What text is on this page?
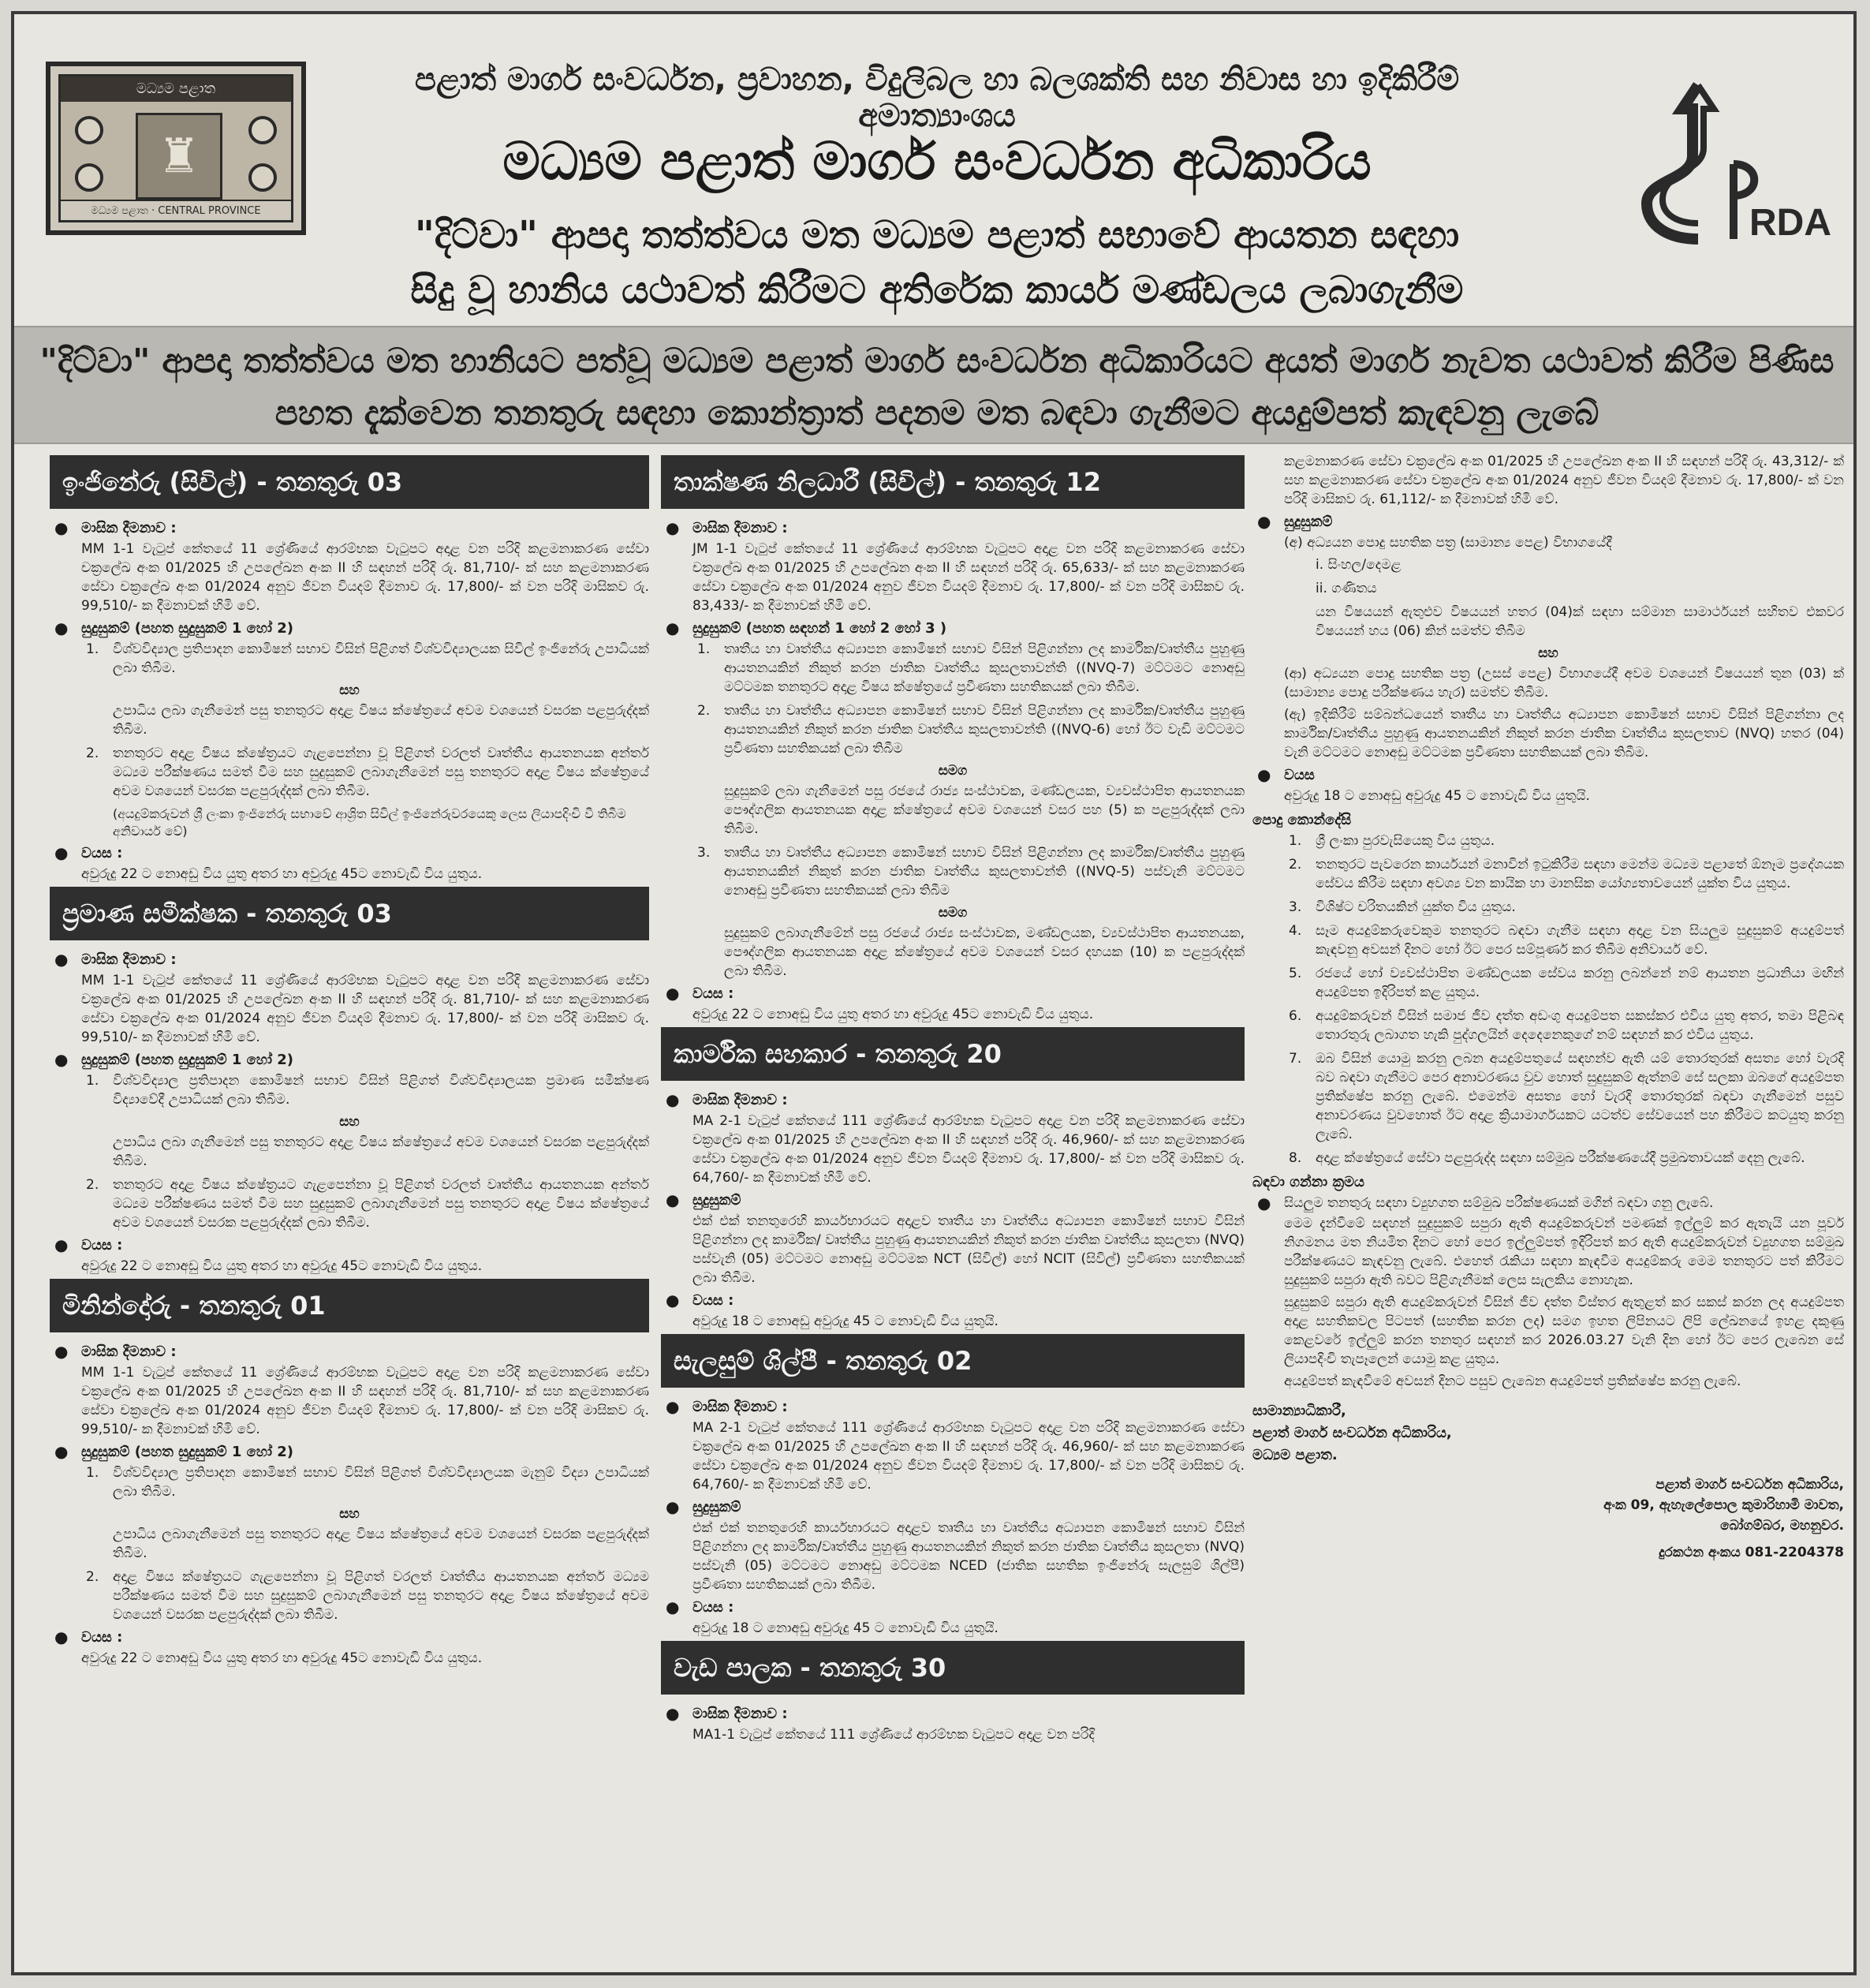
මධ්‍යම පළාත
♜
මධ්‍යම පළාත · CENTRAL PROVINCE	RDA
පළාත් මාර්ග සංවර්ධන, ප්‍රවාහන, විදුලිබල හා බලශක්ති සහ නිවාස හා ඉදිකිරීම් අමාත්‍යාංශය
මධ්‍යම පළාත් මාර්ග සංවර්ධන අධිකාරිය
"දිට්වා" ආපදා තත්ත්වය මත මධ්‍යම පළාත් සභාවේ ආයතන සඳහා
සිදු වූ හානිය යථාවත් කිරීමට අතිරේක කාර්ය මණ්ඩලය ලබාගැනීම
"දිට්වා" ආපදා තත්ත්වය මත හානියට පත්වූ මධ්‍යම පළාත් මාර්ග සංවර්ධන අධිකාරියට අයත් මාර්ග නැවත යථාවත් කිරීම පිණිස
පහත දැක්වෙන තනතුරු සඳහා කොන්ත්‍රාත් පදනම මත බඳවා ගැනීමට අයදුම්පත් කැඳවනු ලැබේ
ඉංජිනේරු (සිවිල්) - තනතුරු 03
● මාසික දීමනාව :
MM 1-1 වැටුප් කේතයේ 11 ශ්‍රේණියේ ආරම්භක වැටුපට අදාළ වන පරිදි කළමනාකරණ සේවා චක්‍රලේඛ අංක 01/2025 හි උපලේඛන අංක II හි සඳහන් පරිදි රු. 81,710/- ක් සහ කළමනාකරණ සේවා චක්‍රලේඛ අංක 01/2024 අනුව ජීවන වියදම් දීමනාව රු. 17,800/- ක් වන පරිදි මාසිකව රු. 99,510/- ක දීමනාවක් හිමි වේ.
● සුදුසුකම් (පහත සුදුසුකම් 1 හෝ 2)
1. විශ්වවිද්‍යාල ප්‍රතිපාදන කොමිෂන් සභාව විසින් පිළිගත් විශ්වවිද්‍යාලයක සිවිල් ඉංජිනේරු උපාධියක් ලබා තිබීම.
සහ
උපාධිය ලබා ගැනීමෙන් පසු තනතුරට අදාළ විෂය ක්ෂේත්‍රයේ අවම වශයෙන් වසරක පළපුරුද්දක් තිබීම.
2. තනතුරට අදාළ විෂය ක්ෂේත්‍රයට ගැළපෙන්නා වූ පිළිගත් වරලත් වෘත්තීය ආයතනයක අන්තර් මධ්‍යම පරීක්ෂණය සමත් වීම සහ සුදුසුකම් ලබාගැනීමෙන් පසු තනතුරට අදාළ විෂය ක්ෂේත්‍රයේ අවම වශයෙන් වසරක පළපුරුද්දක් ලබා තිබීම.
(අයදුම්කරුවන් ශ්‍රී ලංකා ඉංජිනේරු සභාවේ ආශ්‍රිත සිවිල් ඉංජිනේරුවරයෙකු ලෙස ලියාපදිංචි වී තිබීම අනිවාර්ය වේ)
● වයස :
අවුරුදු 22 ට නොඅඩු විය යුතු අතර හා අවුරුදු 45ට නොවැඩි විය යුතුය.
ප්‍රමාණ සමීක්ෂක - තනතුරු 03
● මාසික දීමනාව :
MM 1-1 වැටුප් කේතයේ 11 ශ්‍රේණියේ ආරම්භක වැටුපට අදාළ වන පරිදි කළමනාකරණ සේවා චක්‍රලේඛ අංක 01/2025 හි උපලේඛන අංක II හි සඳහන් පරිදි රු. 81,710/- ක් සහ කළමනාකරණ සේවා චක්‍රලේඛ අංක 01/2024 අනුව ජීවන වියදම් දීමනාව රු. 17,800/- ක් වන පරිදි මාසිකව රු. 99,510/- ක දීමනාවක් හිමි වේ.
● සුදුසුකම් (පහත සුදුසුකම් 1 හෝ 2)
1. විශ්වවිද්‍යාල ප්‍රතිපාදන කොමිෂන් සභාව විසින් පිළිගත් විශ්වවිද්‍යාලයක ප්‍රමාණ සමීක්ෂණ විද්‍යාවේදී උපාධියක් ලබා තිබීම.
සහ
උපාධිය ලබා ගැනීමෙන් පසු තනතුරට අදාළ විෂය ක්ෂේත්‍රයේ අවම වශයෙන් වසරක පළපුරුද්දක් තිබීම.
2. තනතුරට අදාළ විෂය ක්ෂේත්‍රයට ගැළපෙන්නා වූ පිළිගත් වරලත් වෘත්තීය ආයතනයක අන්තර් මධ්‍යම පරීක්ෂණය සමත් වීම සහ සුදුසුකම් ලබාගැනීමෙන් පසු තනතුරට අදාළ විෂය ක්ෂේත්‍රයේ අවම වශයෙන් වසරක පළපුරුද්දක් ලබා තිබීම.
● වයස :
අවුරුදු 22 ට නොඅඩු විය යුතු අතර හා අවුරුදු 45ට නොවැඩි විය යුතුය.
මිනින්දෝරු - තනතුරු 01
● මාසික දීමනාව :
MM 1-1 වැටුප් කේතයේ 11 ශ්‍රේණියේ ආරම්භක වැටුපට අදාළ වන පරිදි කළමනාකරණ සේවා චක්‍රලේඛ අංක 01/2025 හි උපලේඛන අංක II හි සඳහන් පරිදි රු. 81,710/- ක් සහ කළමනාකරණ සේවා චක්‍රලේඛ අංක 01/2024 අනුව ජීවන වියදම් දීමනාව රු. 17,800/- ක් වන පරිදි මාසිකව රු. 99,510/- ක දීමනාවක් හිමි වේ.
● සුදුසුකම් (පහත සුදුසුකම් 1 හෝ 2)
1. විශ්වවිද්‍යාල ප්‍රතිපාදන කොමිෂන් සභාව විසින් පිළිගත් විශ්වවිද්‍යාලයක මැනුම් විද්‍යා උපාධියක් ලබා තිබීම.
සහ
උපාධිය ලබාගැනීමෙන් පසු තනතුරට අදාළ විෂය ක්ෂේත්‍රයේ අවම වශයෙන් වසරක පළපුරුද්දක් තිබීම.
2. අදාළ විෂය ක්ෂේත්‍රයට ගැළපෙන්නා වූ පිළිගත් වරලත් වෘත්තීය ආයතනයක අන්තර් මධ්‍යම පරීක්ෂණය සමත් වීම සහ සුදුසුකම් ලබාගැනීමෙන් පසු තනතුරට අදාළ විෂය ක්ෂේත්‍රයේ අවම වශයෙන් වසරක පළපුරුද්දක් ලබා තිබීම.
● වයස :
අවුරුදු 22 ට නොඅඩු විය යුතු අතර හා අවුරුදු 45ට නොවැඩි විය යුතුය.
තාක්ෂණ නිලධාරී (සිවිල්) - තනතුරු 12
● මාසික දීමනාව :
JM 1-1 වැටුප් කේතයේ 11 ශ්‍රේණියේ ආරම්භක වැටුපට අදාළ වන පරිදි කළමනාකරණ සේවා චක්‍රලේඛ අංක 01/2025 හි උපලේඛන අංක II හි සඳහන් පරිදි රු. 65,633/- ක් සහ කළමනාකරණ සේවා චක්‍රලේඛ අංක 01/2024 අනුව ජීවන වියදම් දීමනාව රු. 17,800/- ක් වන පරිදි මාසිකව රු. 83,433/- ක දීමනාවක් හිමි වේ.
● සුදුසුකම් (පහත සඳහන් 1 හෝ 2 හෝ 3 )
1. තෘතීය හා වෘත්තීය අධ්‍යාපන කොමිෂන් සභාව විසින් පිළිගන්නා ලද කාර්මික/වෘත්තීය පුහුණු ආයතනයකින් නිකුත් කරන ජාතික වෘත්තීය කුසලතාවන්ති ((NVQ-7) මට්ටමට නොඅඩු මට්ටමක තනතුරට අදාළ විෂය ක්ෂේත්‍රයේ ප්‍රවීණතා සහතිකයක් ලබා තිබීම.
2. තෘතීය හා වෘත්තීය අධ්‍යාපන කොමිෂන් සභාව විසින් පිළිගන්නා ලද කාර්මික/වෘත්තීය පුහුණු ආයතනයකින් නිකුත් කරන ජාතික වෘත්තීය කුසලතාවන්ති ((NVQ-6) හෝ ඊට වැඩි මට්ටමට ප්‍රවීණතා සහතිකයක් ලබා තිබීම
සමග
සුදුසුකම් ලබා ගැනීමෙන් පසු රජයේ රාජ්‍ය සංස්ථාවක, මණ්ඩලයක, ව්‍යවස්ථාපිත ආයතනයක පෞද්ගලික ආයතනයක අදාළ ක්ෂේත්‍රයේ අවම වශයෙන් වසර පහ (5) ක පළපුරුද්දක් ලබා තිබීම.
3. තෘතීය හා වෘත්තීය අධ්‍යාපන කොමිෂන් සභාව විසින් පිළිගන්නා ලද කාර්මික/වෘත්තීය පුහුණු ආයතනයකින් නිකුත් කරන ජාතික වෘත්තීය කුසලතාවන්ති ((NVQ-5) පස්වැනි මට්ටමට නොඅඩු ප්‍රවීණතා සහතිකයක් ලබා තිබීම
සමග
සුදුසුකම් ලබාගැනීමේන් පසු රජයේ රාජ්‍ය සංස්ථාවක, මණ්ඩලයක, ව්‍යවස්ථාපිත ආයතනයක, පෞද්ගලික ආයතනයක අදාළ ක්ෂේත්‍රයේ අවම වශයෙන් වසර දහයක (10) ක පළපුරුද්දක් ලබා තිබීම.
● වයස :
අවුරුදු 22 ට නොඅඩු විය යුතු අතර හා අවුරුදු 45ට නොවැඩි විය යුතුය.
කාර්මික සහකාර - තනතුරු 20
● මාසික දීමනාව :
MA 2-1 වැටුප් කේතයේ 111 ශ්‍රේණියේ ආරම්භක වැටුපට අදාළ වන පරිදි කළමනාකරණ සේවා චක්‍රලේඛ අංක 01/2025 හි උපලේඛන අංක II හි සඳහන් පරිදි රු. 46,960/- ක් සහ කළමනාකරණ සේවා චක්‍රලේඛ අංක 01/2024 අනුව ජීවන වියදම් දීමනාව රු. 17,800/- ක් වන පරිදි මාසිකව රු. 64,760/- ක දීමනාවක් හිමි වේ.
● සුදුසුකම්
එක් එක් තනතුරෙහි කාර්යභාරයට අදාළව තෘතීය හා වෘත්තීය අධ්‍යාපන කොමිෂන් සභාව විසින් පිළිගන්නා ලද කාර්මික/ වෘත්තීය පුහුණු ආයතනයකින් නිකුත් කරන ජාතික වෘත්තීය කුසලතා (NVQ) පස්වැනි (05) මට්ටමට නොඅඩු මට්ටමක NCT (සිවිල්) හෝ NCIT (සිවිල්) ප්‍රවීණතා සහතිකයක් ලබා තිබීම.
● වයස :
අවුරුදු 18 ට නොඅඩු අවුරුදු 45 ට නොවැඩි විය යුතුයි.
සැලසුම් ශිල්පී - තනතුරු 02
● මාසික දීමනාව :
MA 2-1 වැටුප් කේතයේ 111 ශ්‍රේණියේ ආරම්භක වැටුපට අදාළ වන පරිදි කළමනාකරණ සේවා චක්‍රලේඛ අංක 01/2025 හි උපලේඛන අංක II හි සඳහන් පරිදි රු. 46,960/- ක් සහ කළමනාකරණ සේවා චක්‍රලේඛ අංක 01/2024 අනුව ජීවන වියදම් දීමනාව රු. 17,800/- ක් වන පරිදි මාසිකව රු. 64,760/- ක දීමනාවක් හිමි වේ.
● සුදුසුකම්
එක් එක් තනතුරෙහි කාර්යභාරයට අදාළව තෘතීය හා වෘත්තීය අධ්‍යාපන කොමිෂන් සභාව විසින් පිළිගන්නා ලද කාර්මික/වෘත්තීය පුහුණු ආයතනයකින් නිකුත් කරන ජාතික වෘත්තීය කුසලතා (NVQ) පස්වැනි (05) මට්ටමට නොඅඩු මට්ටමක NCED (ජාතික සහතික ඉංජිනේරු සැලසුම් ශිල්පී) ප්‍රවීණතා සහතිකයක් ලබා තිබීම.
● වයස :
අවුරුදු 18 ට නොඅඩු අවුරුදු 45 ට නොවැඩි විය යුතුයි.
වැඩ පාලක - තනතුරු 30
● මාසික දීමනාව :
MA1-1 වැටුප් කේතයේ 111 ශ්‍රේණියේ ආරම්භක වැටුපට අදාළ වන පරිදි
කළමනාකරණ සේවා චක්‍රලේඛ අංක 01/2025 හි උපලේඛන අංක II හි සඳහන් පරිදි රු. 43,312/- ක් සහ කළමනාකරණ සේවා චක්‍රලේඛ අංක 01/2024 අනුව ජීවන වියදම් දීමනාව රු. 17,800/- ක් වන පරිදි මාසිකව රු. 61,112/- ක දීමනාවක් හිමි වේ.
● සුදුසුකම්
(අ) අධ්‍යයන පොදු සහතික පත්‍ර (සාමාන්‍ය පෙළ) විභාගයේදී
i. සිංහල/දෙමළ
ii. ගණිතය
යන විෂයයන් ඇතුළුව විෂයයන් හතර (04)ක් සඳහා සම්මාන සාමාර්ථයන් සහිතව එකවර විෂයයන් හය (06) කින් සමත්ව තිබීම
සහ
(ආ) අධ්‍යයන පොදු සහතික පත්‍ර (උසස් පෙළ) විභාගයේදී අවම වශයෙන් විෂයයන් තුන (03) ක් (සාමාන්‍ය පොදු පරීක්ෂණය හැර) සමත්ව තිබීම.
(ඇ) ඉදිකිරීම් සම්බන්ධයෙන් තෘතීය හා වෘත්තීය අධ්‍යාපන කොමිෂන් සභාව විසින් පිළිගන්නා ලද කාර්මික/වෘත්තීය පුහුණු ආයතනයකින් නිකුත් කරන ජාතික වෘත්තීය කුසලතාව (NVQ) හතර (04) වැනි මට්ටමට නොඅඩු මට්ටමක ප්‍රවීණතා සහතිකයක් ලබා තිබීම.
● වයස
අවුරුදු 18 ට නොඅඩු අවුරුදු 45 ට නොවැඩි විය යුතුයි.
පොදු කොන්දේසි
1. ශ්‍රී ලංකා පුරවැසියෙකු විය යුතුය.
2. තනතුරට පැවරෙන කාර්යයන් මනාවින් ඉටුකිරීම සඳහා මෙන්ම මධ්‍යම පළාතේ ඕනෑම ප්‍රදේශයක සේවය කිරීම සඳහා අවශ්‍ය වන කායික හා මානසික යෝග්‍යතාවයෙන් යුක්ත විය යුතුය.
3. විශිෂ්ට චරිතයකින් යුක්ත විය යුතුය.
4. සෑම අයදුම්කරුවෙකුම තනතුරට බඳවා ගැනීම සඳහා අදාළ වන සියලුම සුදුසුකම් අයදුම්පත් කැඳවනු අවසන් දිනට හෝ ඊට පෙර සම්පූර්ණ කර තිබීම අනිවාර්ය වේ.
5. රජයේ හෝ ව්‍යවස්ථාපිත මණ්ඩලයක සේවය කරනු ලබන්නේ නම් ආයතන ප්‍රධානියා මඟින් අයදුම්පත ඉදිරිපත් කළ යුතුය.
6. අයදුම්කරුවන් විසින් සමාජ ජීව දත්ත අඩංගු අයදුම්පත සකස්කර එවිය යුතු අතර, තමා පිළිබඳ තොරතුරු ලබාගත හැකි පුද්ගලයින් දෙදෙනෙකුගේ නම් සඳහන් කර එවිය යුතුය.
7. ඔබ විසින් යොමු කරනු ලබන අයදුම්පතුයේ සඳහන්ව ඇති යම් තොරතුරක් අසත්‍ය හෝ වැරදි බව බඳවා ගැනීමට පෙර අනාවරණය වුව හොත් සුදුසුකම් ඇත්නම් සේ සලකා ඔබගේ අයදුම්පත ප්‍රතික්ෂේප කරනු ලැබේ. එමෙන්ම අසත්‍ය හෝ වැරදි තොරතුරක් බඳවා ගැනීමෙන් පසුව අනාවරණය වුවහොත් ඊට අදාළ ක්‍රියාමාර්ගයකට යටත්ව සේවයෙන් පහ කිරීමට කටයුතු කරනු ලැබේ.
8. අදාළ ක්ෂේත්‍රයේ සේවා පළපුරුද්ද සඳහා සම්මුඛ පරීක්ෂණයේදී ප්‍රමුඛතාවයක් දෙනු ලැබේ.
බඳවා ගන්නා ක්‍රමය
● සියලුම තනතුරු සඳහා ව්‍යුහගත සම්මුඛ පරීක්ෂණයක් මගින් බඳවා ගනු ලැබේ.
මෙම දැන්වීමේ සඳහන් සුදුසුකම් සපුරා ඇති අයදුම්කරුවන් පමණක් ඉල්ලුම් කර ඇතැයි යන පූර්ව නිගමනය මත නියමිත දිනට හෝ පෙර ඉල්ලුම්පත් ඉදිරිපත් කර ඇති අයදුම්කරුවන් ව්‍යුහගත සම්මුඛ පරීක්ෂණයට කැඳවනු ලැබේ. එහෙත් රැකියා සඳහා කැඳවීම අයදුම්කරු මෙම තනතුරට පත් කිරීමට සුදුසුකම් සපුරා ඇති බවට පිළිගැනීමක් ලෙස සැලකිය නොහැක.
සුදුසුකම් සපුරා ඇති අයදුම්කරුවන් විසින් ජීව දත්ත විස්තර ඇතුළත් කර සකස් කරන ලද අයදුම්පත අදාළ සහතිකවල පිටපත් (සහතික කරන ලද) සමග ඉහත ලිපිනයට ලිපි ලේඛනයේ ඉහළ දකුණු කෙළවරේ ඉල්ලුම් කරන තනතුර සඳහන් කර 2026.03.27 වැනි දින හෝ ඊට පෙර ලැබෙන සේ ලියාපදිංචි තැපෑලෙන් යොමු කළ යුතුය.
අයදුම්පත් කැඳවීමේ අවසන් දිනට පසුව ලැබෙන අයදුම්පත් ප්‍රතික්ෂේප කරනු ලැබේ.
සාමාන්‍යාධිකාරී,
පළාත් මාර්ග සංවර්ධන අධිකාරිය,
මධ්‍යම පළාත.
පළාත් මාර්ග සංවර්ධන අධිකාරිය,
අංක 09, ඇහැලේපොල කුමාරිහාමි මාවත,
බෝගම්බර, මහනුවර.
දුරකථන අංකය 081-2204378
